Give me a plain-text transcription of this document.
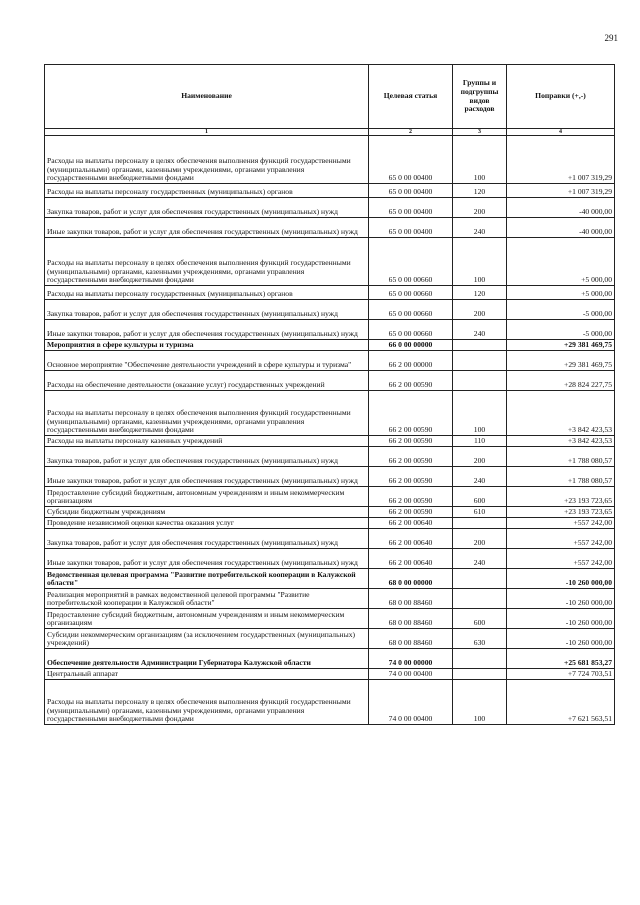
291
Наименование	Целевая статья	Группы и подгруппы видов расходов	Поправки (+,-)
1	2	3	4
Расходы на выплаты персоналу в целях обеспечения выполнения функций государственными (муниципальными) органами, казенными учреждениями, органами управления государственными внебюджетными фондами	65 0 00 00400	100	+1 007 319,29
Расходы на выплаты персоналу государственных (муниципальных) органов	65 0 00 00400	120	+1 007 319,29
Закупка товаров, работ и услуг для обеспечения государственных (муниципальных) нужд	65 0 00 00400	200	-40 000,00
Иные закупки товаров, работ и услуг для обеспечения государственных (муниципальных) нужд	65 0 00 00400	240	-40 000,00
Расходы на выплаты персоналу в целях обеспечения выполнения функций государственными (муниципальными) органами, казенными учреждениями, органами управления государственными внебюджетными фондами	65 0 00 00660	100	+5 000,00
Расходы на выплаты персоналу государственных (муниципальных) органов	65 0 00 00660	120	+5 000,00
Закупка товаров, работ и услуг для обеспечения государственных (муниципальных) нужд	65 0 00 00660	200	-5 000,00
Иные закупки товаров, работ и услуг для обеспечения государственных (муниципальных) нужд	65 0 00 00660	240	-5 000,00
Мероприятия в сфере культуры и туризма	66 0 00 00000		+29 381 469,75
Основное мероприятие "Обеспечение деятельности учреждений в сфере культуры и туризма"	66 2 00 00000		+29 381 469,75
Расходы на обеспечение деятельности (оказание услуг) государственных учреждений	66 2 00 00590		+28 824 227,75
Расходы на выплаты персоналу в целях обеспечения выполнения функций государственными (муниципальными) органами, казенными учреждениями, органами управления государственными внебюджетными фондами	66 2 00 00590	100	+3 842 423,53
Расходы на выплаты персоналу казенных учреждений	66 2 00 00590	110	+3 842 423,53
Закупка товаров, работ и услуг для обеспечения государственных (муниципальных) нужд	66 2 00 00590	200	+1 788 080,57
Иные закупки товаров, работ и услуг для обеспечения государственных (муниципальных) нужд	66 2 00 00590	240	+1 788 080,57
Предоставление субсидий бюджетным, автономным учреждениям и иным некоммерческим организациям	66 2 00 00590	600	+23 193 723,65
Субсидии бюджетным учреждениям	66 2 00 00590	610	+23 193 723,65
Проведение независимой оценки качества оказания услуг	66 2 00 00640		+557 242,00
Закупка товаров, работ и услуг для обеспечения государственных (муниципальных) нужд	66 2 00 00640	200	+557 242,00
Иные закупки товаров, работ и услуг для обеспечения государственных (муниципальных) нужд	66 2 00 00640	240	+557 242,00
Ведомственная целевая программа "Развитие потребительской кооперации в Калужской области"	68 0 00 00000		-10 260 000,00
Реализация мероприятий в рамках ведомственной целевой программы "Развитие потребительской кооперации в Калужской области"	68 0 00 88460		-10 260 000,00
Предоставление субсидий бюджетным, автономным учреждениям и иным некоммерческим организациям	68 0 00 88460	600	-10 260 000,00
Субсидии некоммерческим организациям (за исключением государственных (муниципальных) учреждений)	68 0 00 88460	630	-10 260 000,00
Обеспечение деятельности Администрации Губернатора Калужской области	74 0 00 00000		+25 681 853,27
Центральный аппарат	74 0 00 00400		+7 724 703,51
Расходы на выплаты персоналу в целях обеспечения выполнения функций государственными (муниципальными) органами, казенными учреждениями, органами управления государственными внебюджетными фондами	74 0 00 00400	100	+7 621 563,51
